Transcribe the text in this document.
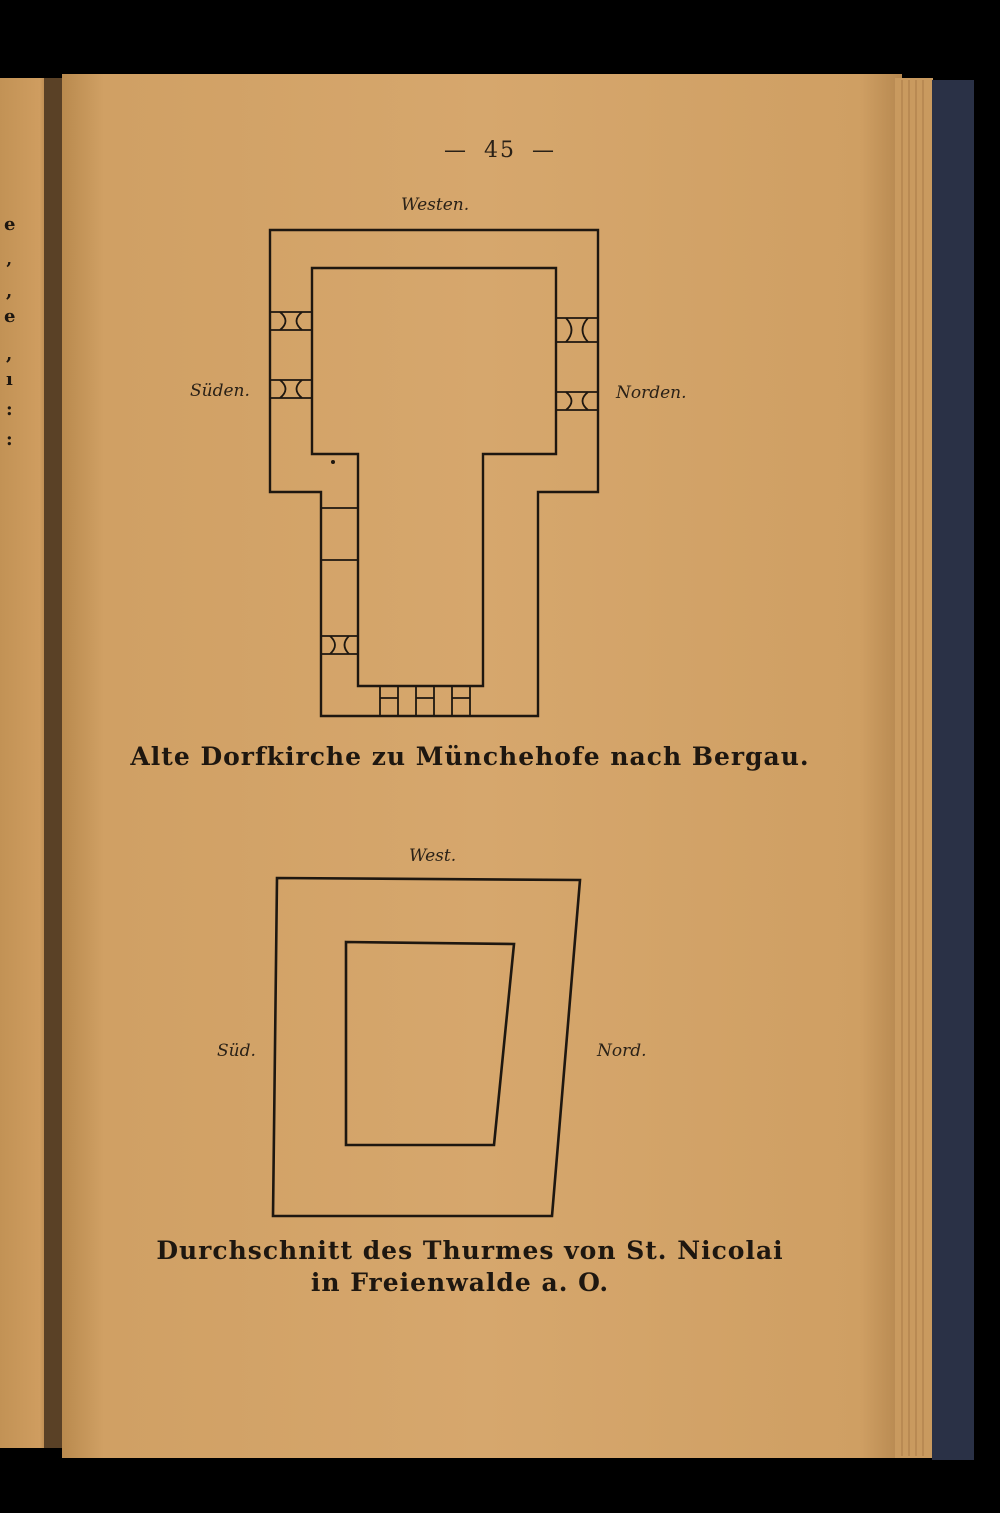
e
‚
,
e
,
ı
:
:
— 45 —
Westen.
Süden.	Norden.
Alte Dorfkirche zu Münchehofe nach Bergau.
West.
Süd.	Nord.
Durchschnitt des Thurmes von St. Nicolai
in Freienwalde a. O.
